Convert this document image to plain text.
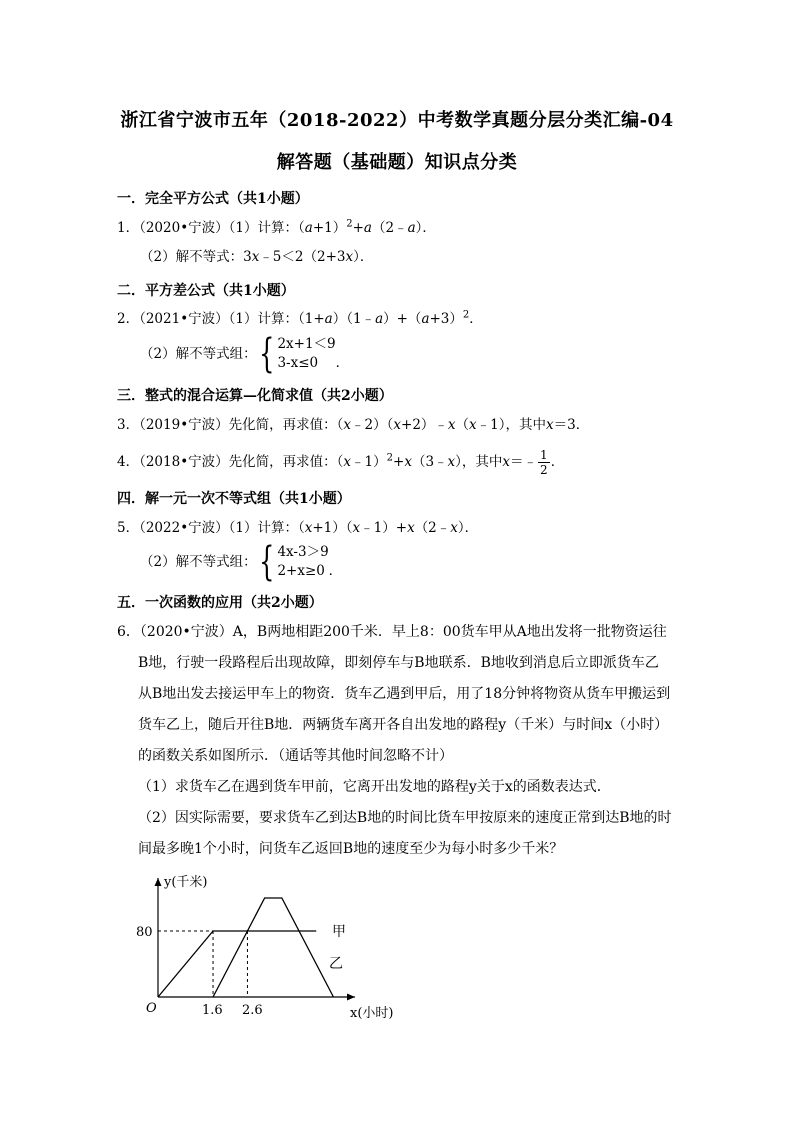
浙江省宁波市五年（2018-2022）中考数学真题分层分类汇编-04
解答题（基础题）知识点分类
一．完全平方公式（共1小题）
1．（2020•宁波）（1）计算：$(a+1)^2+a(2﹣a)$．
（2）解不等式：3x﹣5＜2（2+3x）．
二．平方差公式（共1小题）
2．（2021•宁波）（1）计算：$(1+a)(1﹣a)+(a+3)^2$．
（2）解不等式组： { 2x+1＜9
3-x≤0	．
三．整式的混合运算—化简求值（共2小题）
3．（2019•宁波）先化简，再求值：（x﹣2）（x+2）﹣x（x﹣1），其中x＝3．
4．（2018•宁波）先化简，再求值：（x﹣1）$^2$+x（3﹣x），其中x＝﹣ $\frac{1}{2}$ ．
四．解一元一次不等式组（共1小题）
5．（2022•宁波）（1）计算：（x+1）（x﹣1）+x（2﹣x）．
（2）解不等式组： { 4x-3＞9
2+x≥0 ．
五．一次函数的应用（共2小题）
6．（2020•宁波）A，B两地相距200千米．早上8：00货车甲从A地出发将一批物资运往
B地，行驶一段路程后出现故障，即刻停车与B地联系．B地收到消息后立即派货车乙
从B地出发去接运甲车上的物资．货车乙遇到甲后，用了18分钟将物资从货车甲搬运到
货车乙上，随后开往B地．两辆货车离开各自出发地的路程y（千米）与时间x（小时）
的函数关系如图所示．（通话等其他时间忽略不计）
（1）求货车乙在遇到货车甲前，它离开出发地的路程y关于x的函数表达式．
（2）因实际需要，要求货车乙到达B地的时间比货车甲按原来的速度正常到达B地的时
间最多晚1个小时，问货车乙返回B地的速度至少为每小时多少千米？
y(千米)
x(小时)
O
80
1.6 2.6
甲
乙
